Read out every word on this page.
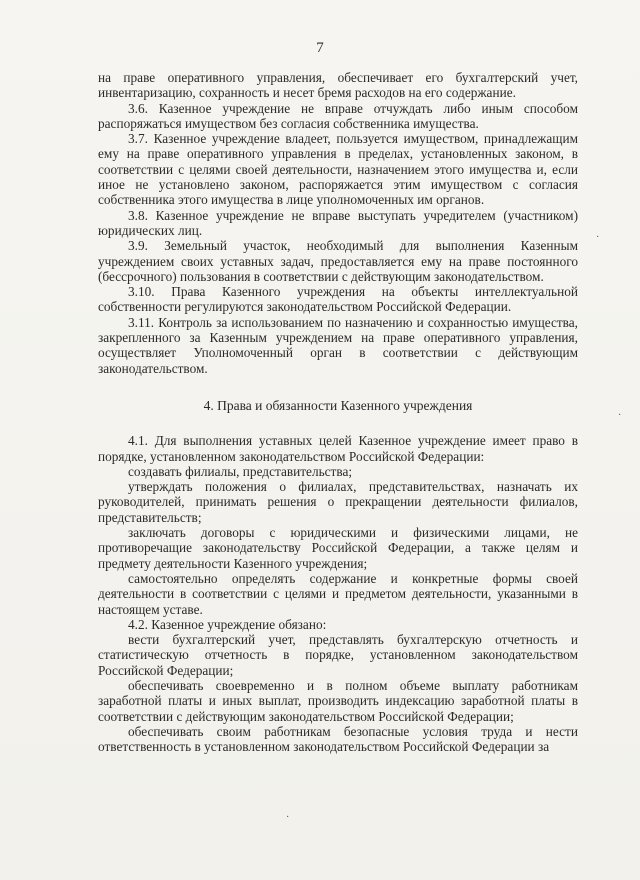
7

на праве оперативного управления, обеспечивает его бухгалтерский учет, инвентаризацию, сохранность и несет бремя расходов на его содержание.

3.6. Казенное учреждение не вправе отчуждать либо иным способом распоряжаться имуществом без согласия собственника имущества.

3.7. Казенное учреждение владеет, пользуется имуществом, принадлежащим ему на праве оперативного управления в пределах, установленных законом, в соответствии с целями своей деятельности, назначением этого имущества и, если иное не установлено законом, распоряжается этим имуществом с согласия собственника этого имущества в лице уполномоченных им органов.

3.8. Казенное учреждение не вправе выступать учредителем (участником) юридических лиц.

3.9. Земельный участок, необходимый для выполнения Казенным учреждением своих уставных задач, предоставляется ему на праве постоянного (бессрочного) пользования в соответствии с действующим законодательством.

3.10. Права Казенного учреждения на объекты интеллектуальной собственности регулируются законодательством Российской Федерации.

3.11. Контроль за использованием по назначению и сохранностью имущества, закрепленного за Казенным учреждением на праве оперативного управления, осуществляет Уполномоченный орган в соответствии с действующим законодательством.

4. Права и обязанности Казенного учреждения

4.1. Для выполнения уставных целей Казенное учреждение имеет право в порядке, установленном законодательством Российской Федерации:

создавать филиалы, представительства;

утверждать положения о филиалах, представительствах, назначать их руководителей, принимать решения о прекращении деятельности филиалов, представительств;

заключать договоры с юридическими и физическими лицами, не противоречащие законодательству Российской Федерации, а также целям и предмету деятельности Казенного учреждения;

самостоятельно определять содержание и конкретные формы своей деятельности в соответствии с целями и предметом деятельности, указанными в настоящем уставе.

4.2. Казенное учреждение обязано:

вести бухгалтерский учет, представлять бухгалтерскую отчетность и статистическую отчетность в порядке, установленном законодательством Российской Федерации;

обеспечивать своевременно и в полном объеме выплату работникам заработной платы и иных выплат, производить индексацию заработной платы в соответствии с действующим законодательством Российской Федерации;

обеспечивать своим работникам безопасные условия труда и нести ответственность в установленном законодательством Российской Федерации за

·
·
·
